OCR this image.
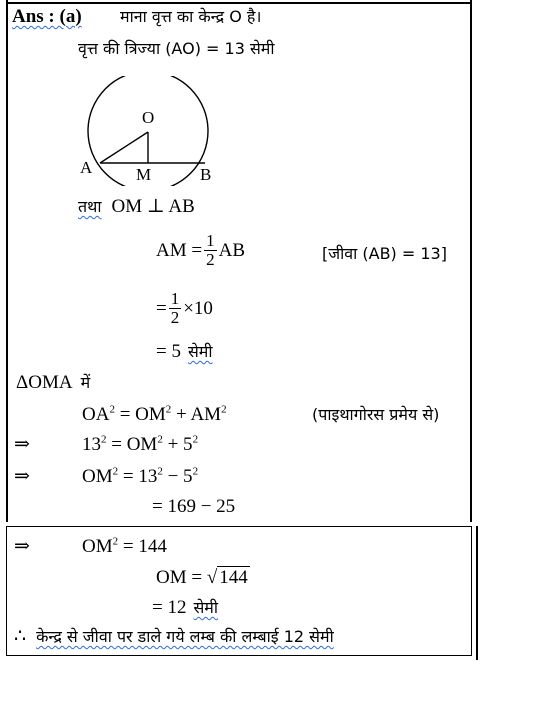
Ans : (a) माना वृत्त का केन्द्र O है।
वृत्त की त्रिज्या (AO) = 13 सेमी
O
A	M	B
तथा OM ⊥ AB
AM = $\frac{1}{2}$ AB	[जीवा (AB) = 13]
= $\frac{1}{2} \times 10$
= 5 सेमी
ΔOMA में
$OA^2 = OM^2 + AM^2$	(पाइथागोरस प्रमेय से)
⇒	$13^2 = OM^2 + 5^2$
⇒	$OM^2 = 13^2 - 5^2$
= 169 − 25
⇒	$OM^2 = 144$
OM = √ 144
= 12 सेमी
∴ केन्द्र से जीवा पर डाले गये लम्ब की लम्बाई 12 सेमी
